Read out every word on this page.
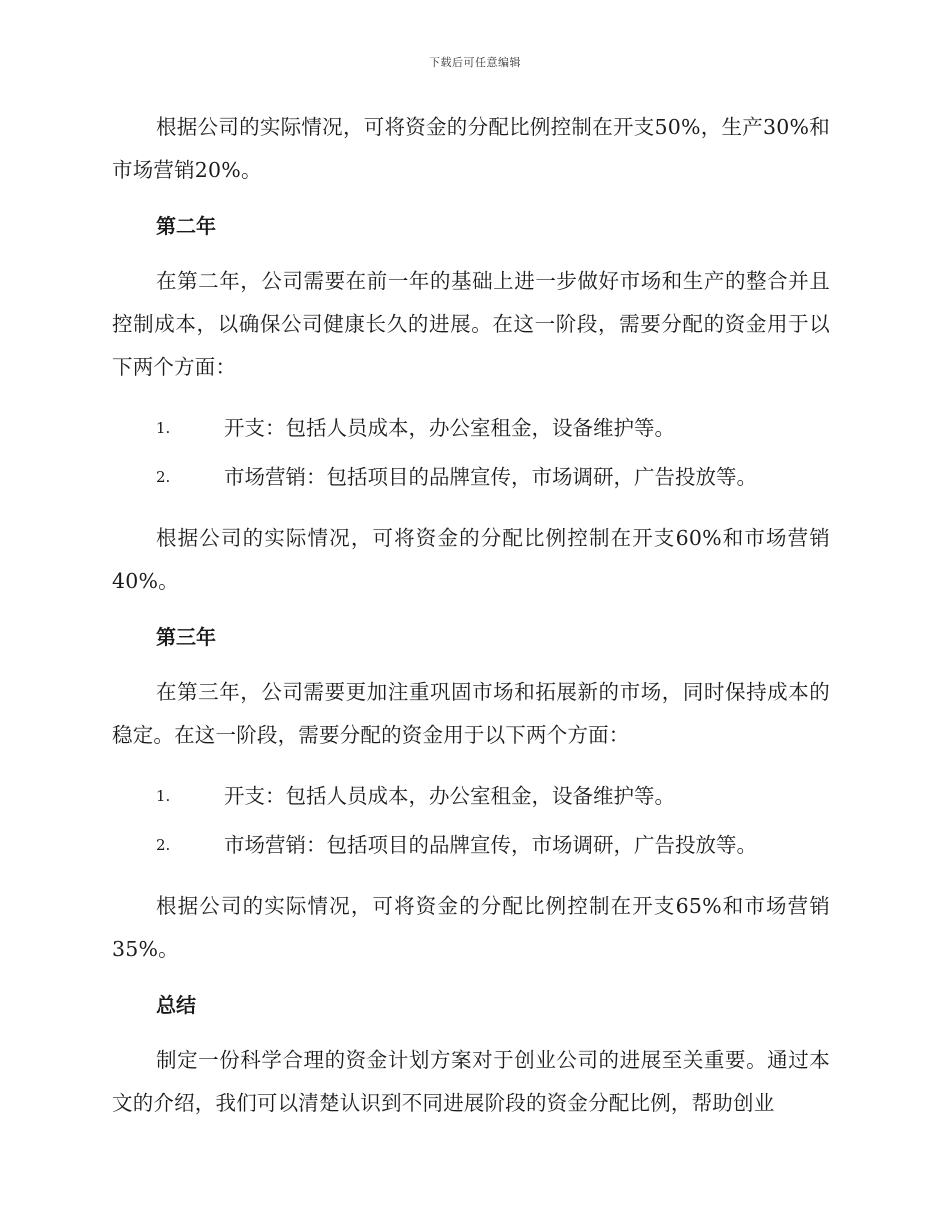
下载后可任意编辑

根据公司的实际情况，可将资金的分配比例控制在开支50%，生产30%和市场营销20%。

第二年

在第二年，公司需要在前一年的基础上进一步做好市场和生产的整合并且控制成本，以确保公司健康长久的进展。在这一阶段，需要分配的资金用于以下两个方面：

1.	开支：包括人员成本，办公室租金，设备维护等。
2.	市场营销：包括项目的品牌宣传，市场调研，广告投放等。

根据公司的实际情况，可将资金的分配比例控制在开支60%和市场营销40%。

第三年

在第三年，公司需要更加注重巩固市场和拓展新的市场，同时保持成本的稳定。在这一阶段，需要分配的资金用于以下两个方面：

1.	开支：包括人员成本，办公室租金，设备维护等。
2.	市场营销：包括项目的品牌宣传，市场调研，广告投放等。

根据公司的实际情况，可将资金的分配比例控制在开支65%和市场营销35%。

总结

制定一份科学合理的资金计划方案对于创业公司的进展至关重要。通过本文的介绍，我们可以清楚认识到不同进展阶段的资金分配比例，帮助创业
